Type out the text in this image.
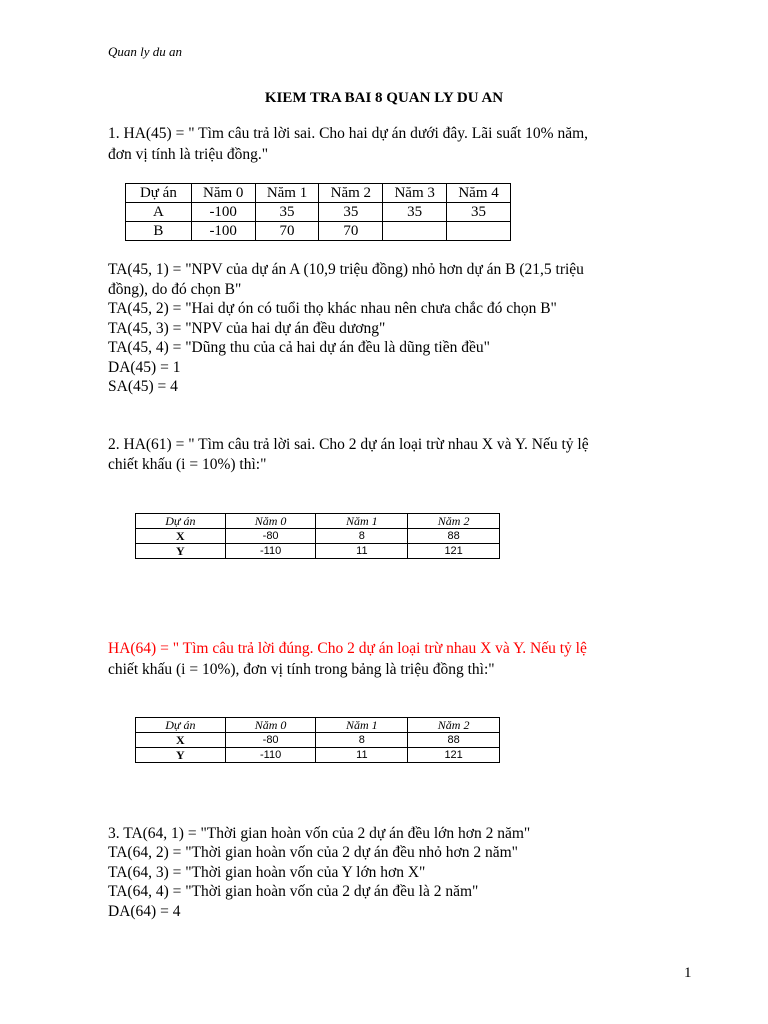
Quan ly du an
KIEM TRA BAI 8 QUAN LY DU AN
1. HA(45) = " Tìm câu trả lời sai. Cho hai dự án dưới đây. Lãi suất 10% năm,
đơn vị tính là triệu đồng."
Dự án	Năm 0	Năm 1	Năm 2	Năm 3	Năm 4
A	-100	35	35	35	35
B	-100	70	70		
TA(45, 1) = "NPV của dự án A (10,9 triệu đồng) nhỏ hơn dự án B (21,5 triệu
đồng), do đó chọn B"
TA(45, 2) = "Hai dự ón có tuổi thọ khác nhau nên chưa chắc đó chọn B"
TA(45, 3) = "NPV của hai dự án đều dương"
TA(45, 4) = "Dũng thu của cả hai dự án đều là dũng tiền đều"
DA(45) = 1
SA(45) = 4
2. HA(61) = " Tìm câu trả lời sai. Cho 2 dự án loại trừ nhau X và Y. Nếu tỷ lệ
chiết khấu (i = 10%) thì:"
Dự án	Năm 0	Năm 1	Năm 2
X	-80	8	88
Y	-110	11	121
HA(64) = " Tìm câu trả lời đúng. Cho 2 dự án loại trừ nhau X và Y. Nếu tỷ lệ
chiết khấu (i = 10%), đơn vị tính trong bảng là triệu đồng thì:"
Dự án	Năm 0	Năm 1	Năm 2
X	-80	8	88
Y	-110	11	121
3. TA(64, 1) = "Thời gian hoàn vốn của 2 dự án đều lớn hơn 2 năm"
TA(64, 2) = "Thời gian hoàn vốn của 2 dự án đều nhỏ hơn 2 năm"
TA(64, 3) = "Thời gian hoàn vốn của Y lớn hơn X"
TA(64, 4) = "Thời gian hoàn vốn của 2 dự án đều là 2 năm"
DA(64) = 4
1
